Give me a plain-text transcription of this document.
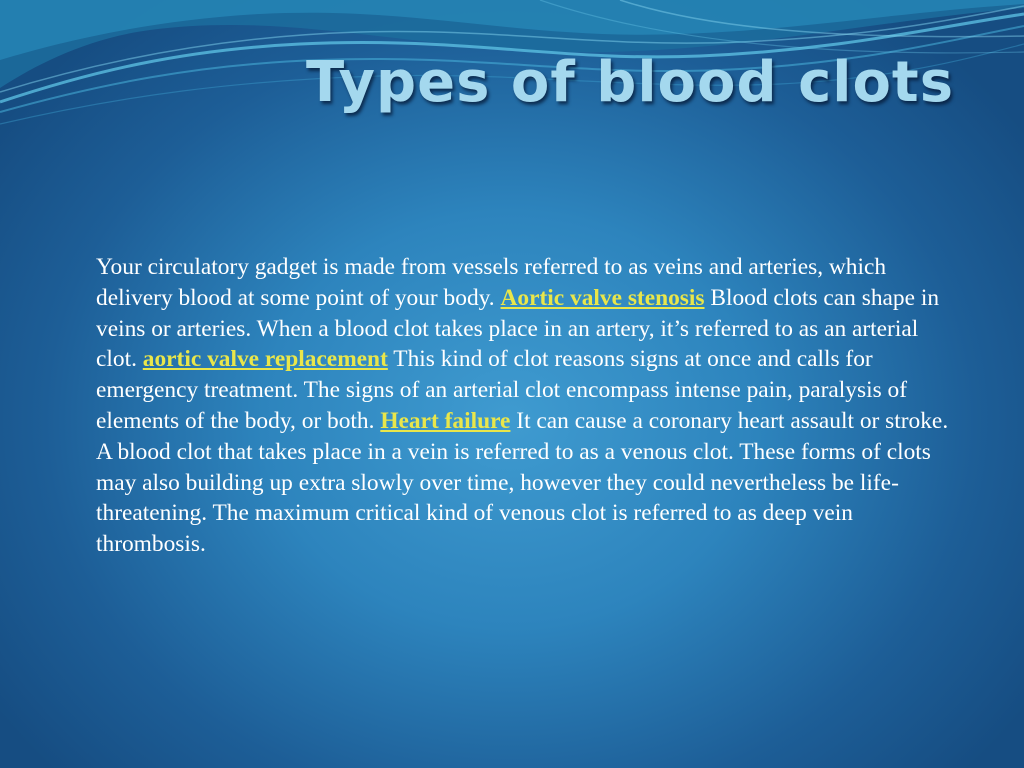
Types of blood clots

Your circulatory gadget is made from vessels referred to as veins and arteries, which delivery blood at some point of your body. Aortic valve stenosis Blood clots can shape in veins or arteries. When a blood clot takes place in an artery, it’s referred to as an arterial clot. aortic valve replacement This kind of clot reasons signs at once and calls for emergency treatment. The signs of an arterial clot encompass intense pain, paralysis of elements of the body, or both. Heart failure It can cause a coronary heart assault or stroke. A blood clot that takes place in a vein is referred to as a venous clot. These forms of clots may also building up extra slowly over time, however they could nevertheless be life-threatening. The maximum critical kind of venous clot is referred to as deep vein thrombosis.
